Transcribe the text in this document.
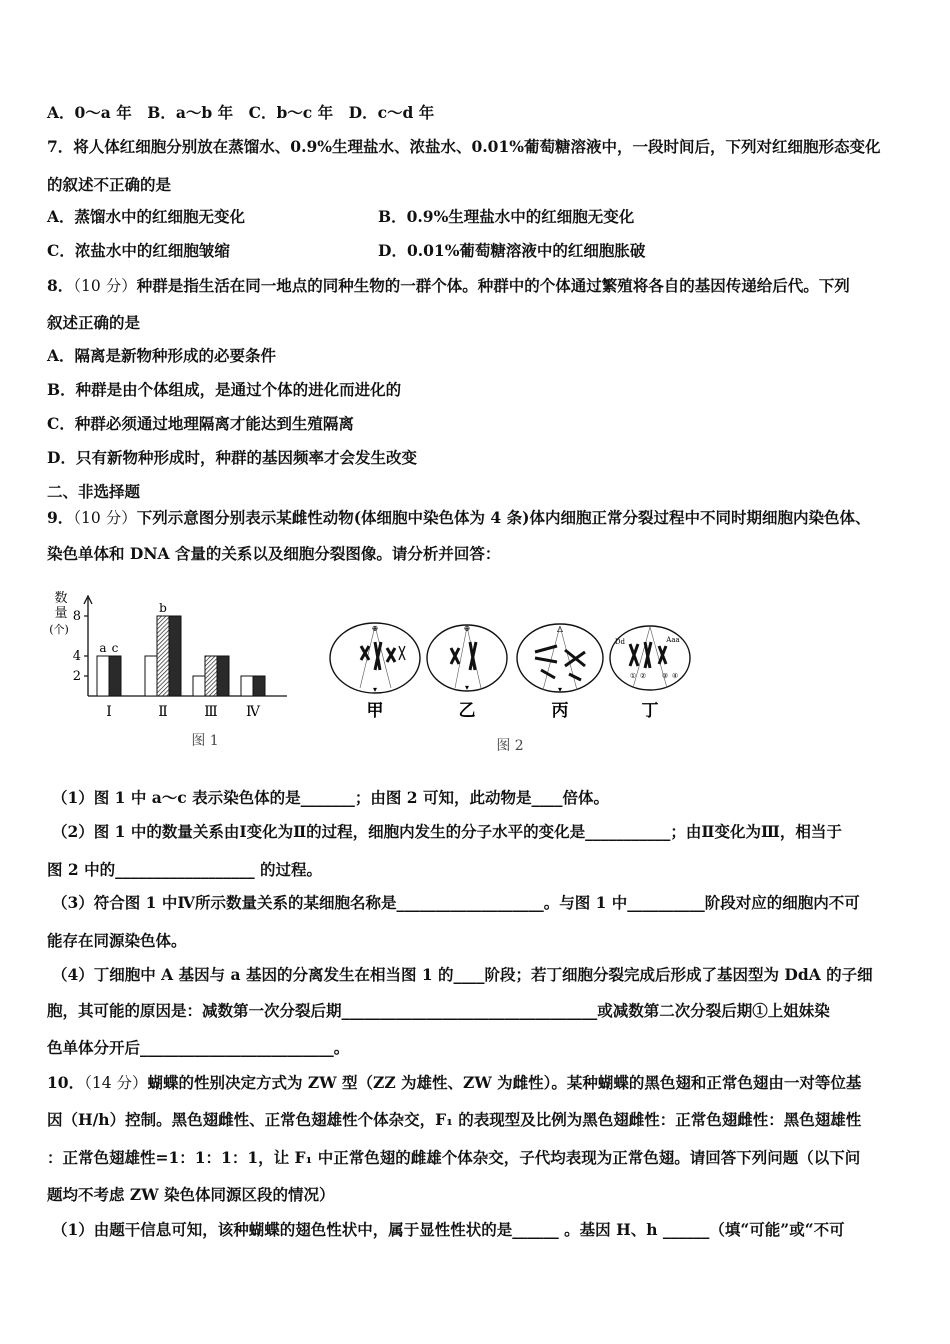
A．0～a 年　B．a～b 年　C．b～c 年　D．c～d 年
7．将人体红细胞分别放在蒸馏水、0.9%生理盐水、浓盐水、0.01%葡萄糖溶液中，一段时间后，下列对红细胞形态变化
的叙述不正确的是
A．蒸馏水中的红细胞无变化	B．0.9%生理盐水中的红细胞无变化
C．浓盐水中的红细胞皱缩	D．0.01%葡萄糖溶液中的红细胞胀破
8．（10 分）种群是指生活在同一地点的同种生物的一群个体。种群中的个体通过繁殖将各自的基因传递给后代。下列
叙述正确的是
A．隔离是新物种形成的必要条件
B．种群是由个体组成，是通过个体的进化而进化的
C．种群必须通过地理隔离才能达到生殖隔离
D．只有新物种形成时，种群的基因频率才会发生改变
二、非选择题
9．（10 分）下列示意图分别表示某雌性动物(体细胞中染色体为 4 条)体内细胞正常分裂过程中不同时期细胞内染色体、
染色单体和 DNA 含量的关系以及细胞分裂图像。请分析并回答：
数
量
(个)
2
4
8
a c
b
Ⅰ	Ⅱ	Ⅲ Ⅳ
图 1
⊕
▾
⊕
▾
△
▾
Dd	Aaa
① ② ③ ④
甲	乙	丙	丁
图 2
（1）图 1 中 a～c 表示染色体的是_______；由图 2 可知，此动物是____倍体。
（2）图 1 中的数量关系由Ⅰ变化为Ⅱ的过程，细胞内发生的分子水平的变化是___________；由Ⅱ变化为Ⅲ，相当于
图 2 中的__________________ 的过程。
（3）符合图 1 中Ⅳ所示数量关系的某细胞名称是___________________。与图 1 中__________阶段对应的细胞内不可
能存在同源染色体。
（4）丁细胞中 A 基因与 a 基因的分离发生在相当图 1 的____阶段；若丁细胞分裂完成后形成了基因型为 DdA 的子细
胞，其可能的原因是：减数第一次分裂后期_________________________________或减数第二次分裂后期①上姐妹染
色单体分开后_________________________。
10．（14 分）蝴蝶的性别决定方式为 ZW 型（ZZ 为雄性、ZW 为雌性）。某种蝴蝶的黑色翅和正常色翅由一对等位基
因（H/h）控制。黑色翅雌性、正常色翅雄性个体杂交，F₁ 的表现型及比例为黑色翅雌性：正常色翅雌性：黑色翅雄性
：正常色翅雄性=1：1：1：1，让 F₁ 中正常色翅的雌雄个体杂交，子代均表现为正常色翅。请回答下列问题（以下问
题均不考虑 ZW 染色体同源区段的情况）
（1）由题干信息可知，该种蝴蝶的翅色性状中，属于显性性状的是______ 。基因 H、h ______（填“可能”或“不可
